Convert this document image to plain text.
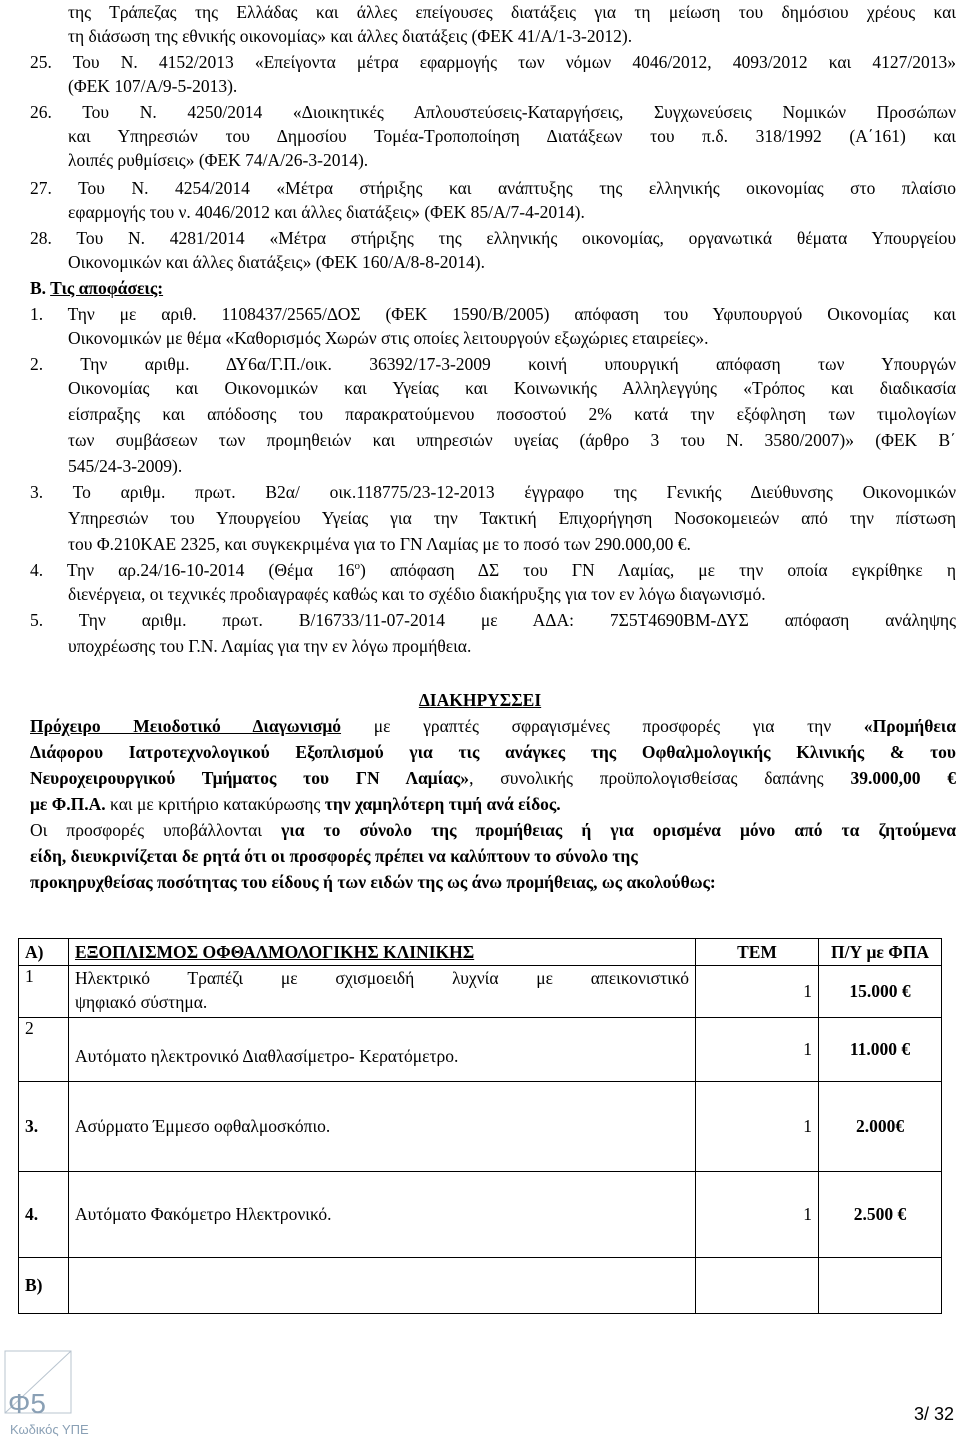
της Τράπεζας της Ελλάδας και άλλες επείγουσες διατάξεις για τη μείωση του δημόσιου χρέους και
τη διάσωση της εθνικής οικονομίας» και άλλες διατάξεις (ΦΕΚ 41/Α/1-3-2012).
25. Του Ν. 4152/2013 «Επείγοντα μέτρα εφαρμογής των νόμων 4046/2012, 4093/2012 και 4127/2013»
(ΦΕΚ 107/Α/9-5-2013).
26. Του Ν. 4250/2014 «Διοικητικές Απλουστεύσεις-Καταργήσεις, Συγχωνεύσεις Νομικών Προσώπων
και Υπηρεσιών του Δημοσίου Τομέα-Τροποποίηση Διατάξεων του π.δ. 318/1992 (Α΄161) και
λοιπές ρυθμίσεις» (ΦΕΚ 74/Α/26-3-2014).
27. Του Ν. 4254/2014 «Μέτρα στήριξης και ανάπτυξης της ελληνικής οικονομίας στο πλαίσιο
εφαρμογής του ν. 4046/2012 και άλλες διατάξεις» (ΦΕΚ 85/Α/7-4-2014).
28. Του Ν. 4281/2014 «Μέτρα στήριξης της ελληνικής οικονομίας, οργανωτικά θέματα Υπουργείου
Οικονομικών και άλλες διατάξεις» (ΦΕΚ 160/Α/8-8-2014).
Β. Τις αποφάσεις:
1. Την με αριθ. 1108437/2565/ΔΟΣ (ΦΕΚ 1590/Β/2005) απόφαση του Υφυπουργού Οικονομίας και
Οικονομικών με θέμα «Καθορισμός Χωρών στις οποίες λειτουργούν εξωχώριες εταιρείες».
2. Την αριθμ. ΔΥ6α/Γ.Π./οικ. 36392/17-3-2009 κοινή υπουργική απόφαση των Υπουργών
Οικονομίας και Οικονομικών και Υγείας και Κοινωνικής Αλληλεγγύης «Τρόπος και διαδικασία
είσπραξης και απόδοσης του παρακρατούμενου ποσοστού 2% κατά την εξόφληση των τιμολογίων
των συμβάσεων των προμηθειών και υπηρεσιών υγείας (άρθρο 3 του Ν. 3580/2007)» (ΦΕΚ Β΄
545/24-3-2009).
3. Το αριθμ. πρωτ. Β2α/ οικ.118775/23-12-2013 έγγραφο της Γενικής Διεύθυνσης Οικονομικών
Υπηρεσιών του Υπουργείου Υγείας για την Τακτική Επιχορήγηση Νοσοκομειεών από την πίστωση
του Φ.210ΚΑΕ 2325, και συγκεκριμένα για το ΓΝ Λαμίας με το ποσό των 290.000,00 €.
4. Την αρ.24/16-10-2014 (Θέμα $16^o$) απόφαση ΔΣ του ΓΝ Λαμίας, με την οποία εγκρίθηκε η
διενέργεια, οι τεχνικές προδιαγραφές καθώς και το σχέδιο διακήρυξης για τον εν λόγω διαγωνισμό.
5. Την αριθμ. πρωτ. Β/16733/11-07-2014 με ΑΔΑ: 7Σ5Τ4690ΒΜ-ΔΥΣ απόφαση ανάληψης
υποχρέωσης του Γ.Ν. Λαμίας για την εν λόγω προμήθεια.
ΔΙΑΚΗΡΥΣΣΕΙ
Πρόχειρο Μειοδοτικό Διαγωνισμό με γραπτές σφραγισμένες προσφορές για την «Προμήθεια
Διάφορου Ιατροτεχνολογικού Εξοπλισμού για τις ανάγκες της Οφθαλμολογικής Κλινικής & του
Νευροχειρουργικού Τμήματος του ΓΝ Λαμίας», συνολικής προϋπολογισθείσας δαπάνης 39.000,00 €
με Φ.Π.Α. και με κριτήριο κατακύρωσης την χαμηλότερη τιμή ανά είδος.
Οι προσφορές υποβάλλονται για το σύνολο της προμήθειας ή για ορισμένα μόνο από τα ζητούμενα
είδη, διευκρινίζεται δε ρητά ότι οι προσφορές πρέπει να καλύπτουν το σύνολο της
προκηρυχθείσας ποσότητας του είδους ή των ειδών της ως άνω προμήθειας, ως ακολούθως:
Α)	ΕΞΟΠΛΙΣΜΟΣ ΟΦΘΑΛΜΟΛΟΓΙΚΗΣ ΚΛΙΝΙΚΗΣ	ΤΕΜ	Π/Υ με ΦΠΑ
1	Ηλεκτρικό Τραπέζι με σχισμοειδή λυχνία με απεικονιστικό
ψηφιακό σύστημα.	1	15.000 €
2	Αυτόματο ηλεκτρονικό Διαθλασίμετρο- Κερατόμετρο.	1	11.000 €
3.	Ασύρματο Έμμεσο οφθαλμοσκόπιο.	1	2.000€
4.	Αυτόματο Φακόμετρο Ηλεκτρονικό.	1	2.500 €
Β)			
Φ5
Κωδικός ΥΠΕ
3/ 32
